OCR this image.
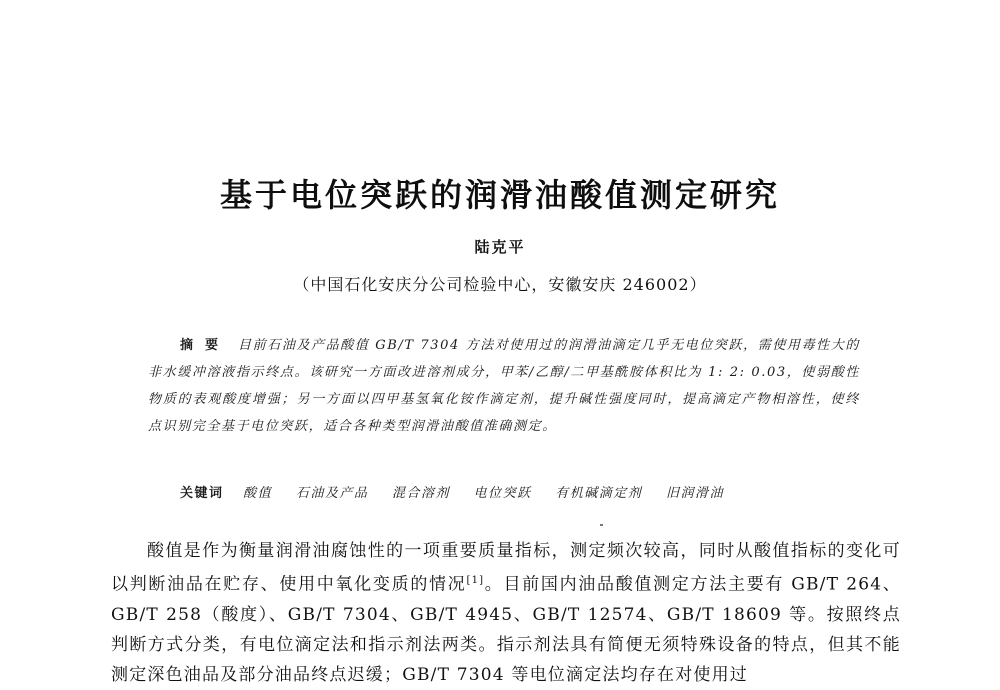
基于电位突跃的润滑油酸值测定研究
陆克平
（中国石化安庆分公司检验中心，安徽安庆 246002）
摘要 目前石油及产品酸值 GB/T 7304 方法对使用过的润滑油滴定几乎无电位突跃，需使用毒性大的非水缓冲溶液指示终点。该研究一方面改进溶剂成分，甲苯/乙醇/二甲基酰胺体积比为 1: 2: 0.03，使弱酸性物质的表观酸度增强；另一方面以四甲基氢氧化铵作滴定剂，提升碱性强度同时，提高滴定产物相溶性，使终点识别完全基于电位突跃，适合各种类型润滑油酸值准确测定。
关键词 酸值 石油及产品 混合溶剂 电位突跃 有机碱滴定剂 旧润滑油

酸值是作为衡量润滑油腐蚀性的一项重要质量指标，测定频次较高，同时从酸值指标的变化可以判断油品在贮存、使用中氧化变质的情况[1]。目前国内油品酸值测定方法主要有 GB/T 264、GB/T 258（酸度）、GB/T 7304、GB/T 4945、GB/T 12574、GB/T 18609 等。按照终点判断方式分类，有电位滴定法和指示剂法两类。指示剂法具有简便无须特殊设备的特点，但其不能测定深色油品及部分油品终点迟缓；GB/T 7304 等电位滴定法均存在对使用过
